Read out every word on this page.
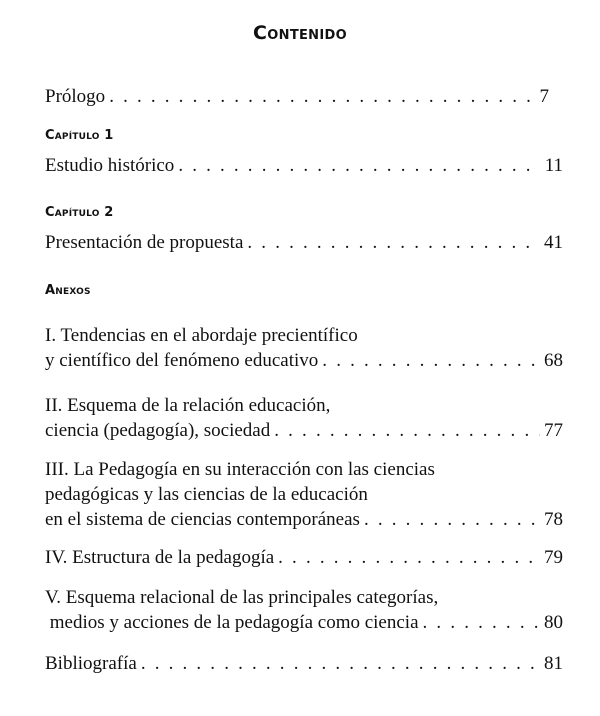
Contenido
Prólogo . . .	7
Capítulo 1
Estudio histórico . . .	11
Capítulo 2
Presentación de propuesta . . .	41
Anexos
I. Tendencias en el abordaje precientífico
y científico del fenómeno educativo . . .	68
II. Esquema de la relación educación,
ciencia (pedagogía), sociedad . . .	77
III. La Pedagogía en su interacción con las ciencias
pedagógicas y las ciencias de la educación
en el sistema de ciencias contemporáneas . . .	78
IV. Estructura de la pedagogía . . .	79
V. Esquema relacional de las principales categorías,
medios y acciones de la pedagogía como ciencia . . .	80
Bibliografía . . .	81
